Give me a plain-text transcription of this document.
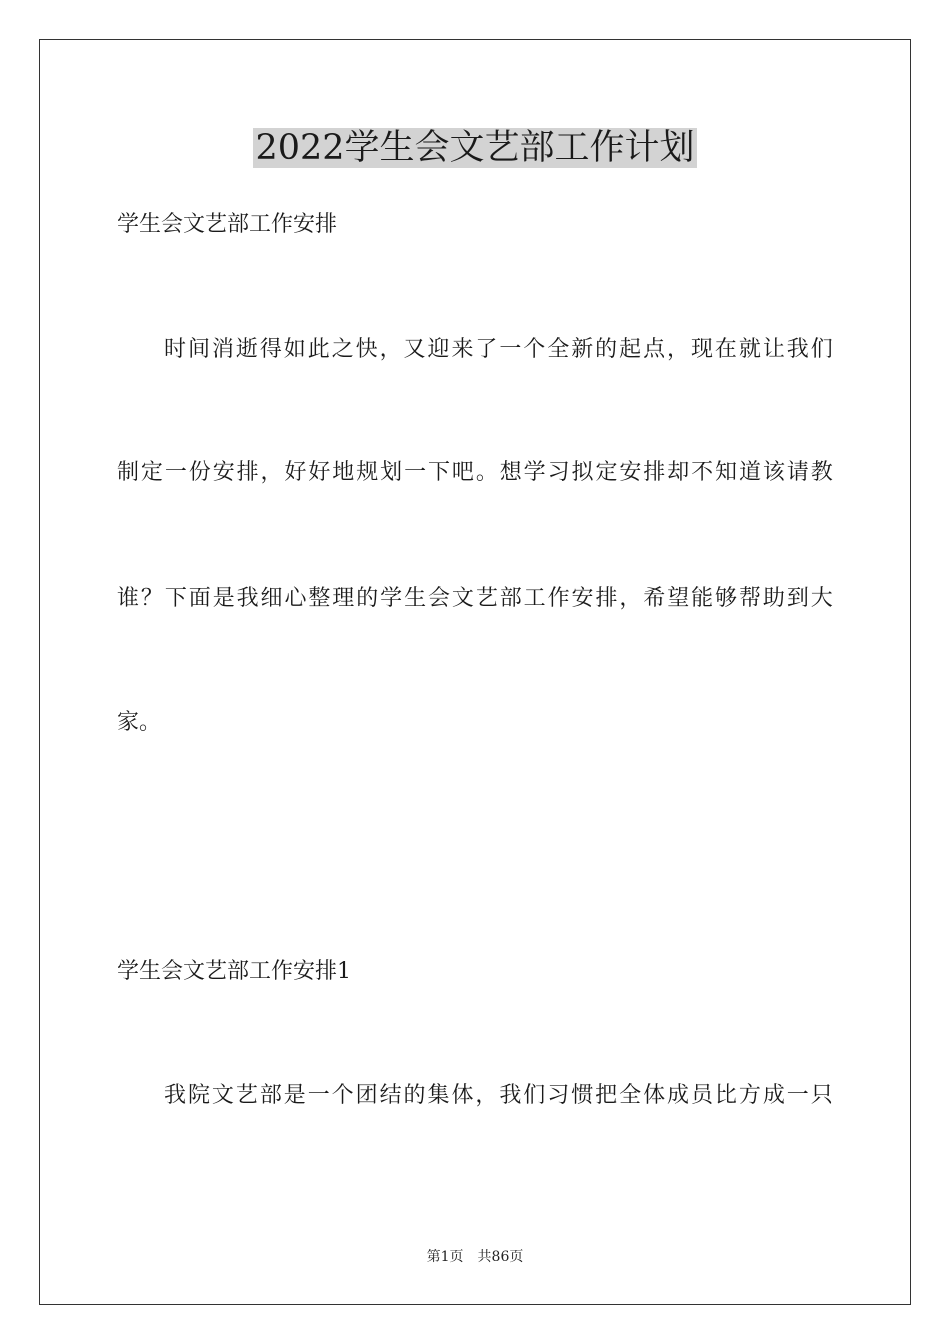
2022学生会文艺部工作计划

学生会文艺部工作安排

时 间 消 逝 得 如 此 之 快 ， 又 迎 来 了 一 个 全 新 的 起 点 ， 现 在 就 让 我 们

制 定 一 份 安 排 ， 好 好 地 规 划 一 下 吧 。 想 学 习 拟 定 安 排 却 不 知 道 该 请 教

谁 ？ 下 面 是 我 细 心 整 理 的 学 生 会 文 艺 部 工 作 安 排 ， 希 望 能 够 帮 助 到 大

家。

学生会文艺部工作安排1

我 院 文 艺 部 是 一 个 团 结 的 集 体 ， 我 们 习 惯 把 全 体 成 员 比 方 成 一 只

第1页　共86页
